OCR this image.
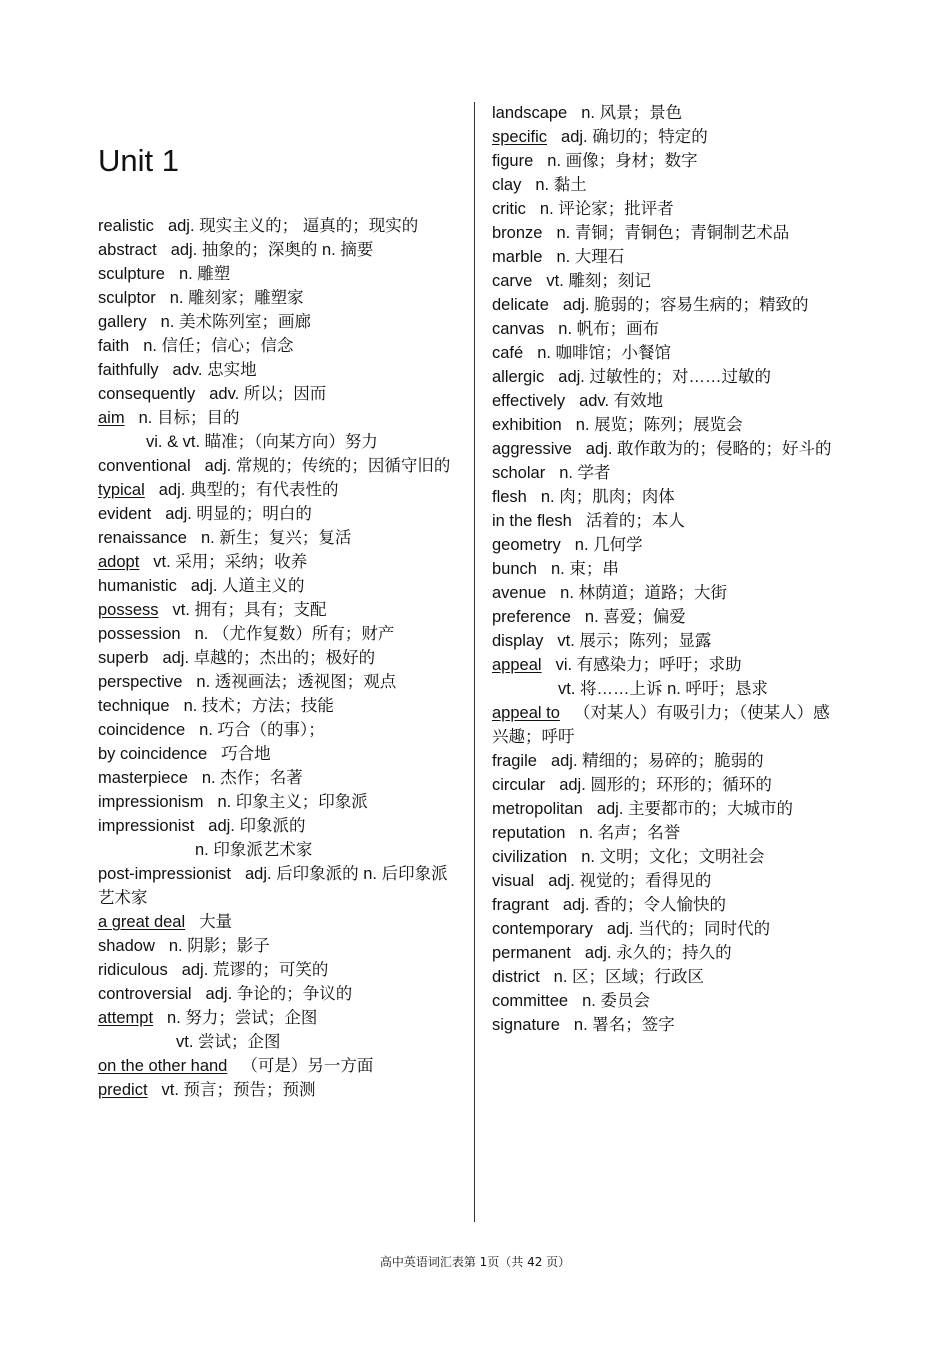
Unit 1
realistic adj. 现实主义的； 逼真的；现实的
abstract adj. 抽象的；深奥的 n. 摘要
sculpture n. 雕塑
sculptor n. 雕刻家；雕塑家
gallery n. 美术陈列室；画廊
faith n. 信任；信心；信念
faithfully adv. 忠实地
consequently adv. 所以；因而
aim n. 目标；目的
vi. & vt. 瞄准；（向某方向）努力
conventional adj. 常规的；传统的；因循守旧的
typical adj. 典型的；有代表性的
evident adj. 明显的；明白的
renaissance n. 新生；复兴；复活
adopt vt. 采用；采纳；收养
humanistic adj. 人道主义的
possess vt. 拥有；具有；支配
possession n. （尤作复数）所有；财产
superb adj. 卓越的；杰出的；极好的
perspective n. 透视画法；透视图；观点
technique n. 技术；方法；技能
coincidence n. 巧合（的事）；
by coincidence 巧合地
masterpiece n. 杰作；名著
impressionism n. 印象主义；印象派
impressionist adj. 印象派的
n. 印象派艺术家
post-impressionist adj. 后印象派的 n. 后印象派艺术家
a great deal 大量
shadow n. 阴影；影子
ridiculous adj. 荒谬的；可笑的
controversial adj. 争论的；争议的
attempt n. 努力；尝试；企图
vt. 尝试；企图
on the other hand （可是）另一方面
predict vt. 预言；预告；预测
landscape n. 风景；景色
specific adj. 确切的；特定的
figure n. 画像；身材；数字
clay n. 黏土
critic n. 评论家；批评者
bronze n. 青铜；青铜色；青铜制艺术品
marble n. 大理石
carve vt. 雕刻；刻记
delicate adj. 脆弱的；容易生病的；精致的
canvas n. 帆布；画布
café n. 咖啡馆；小餐馆
allergic adj. 过敏性的；对……过敏的
effectively adv. 有效地
exhibition n. 展览；陈列；展览会
aggressive adj. 敢作敢为的；侵略的；好斗的
scholar n. 学者
flesh n. 肉；肌肉；肉体
in the flesh 活着的；本人
geometry n. 几何学
bunch n. 束；串
avenue n. 林荫道；道路；大街
preference n. 喜爱；偏爱
display vt. 展示；陈列；显露
appeal vi. 有感染力；呼吁；求助
vt. 将……上诉 n. 呼吁；恳求
appeal to （对某人）有吸引力；（使某人）感兴趣；呼吁
fragile adj. 精细的；易碎的；脆弱的
circular adj. 圆形的；环形的；循环的
metropolitan adj. 主要都市的；大城市的
reputation n. 名声；名誉
civilization n. 文明；文化；文明社会
visual adj. 视觉的；看得见的
fragrant adj. 香的；令人愉快的
contemporary adj. 当代的；同时代的
permanent adj. 永久的；持久的
district n. 区；区域；行政区
committee n. 委员会
signature n. 署名；签字
高中英语词汇表第 1页（共 42 页）
